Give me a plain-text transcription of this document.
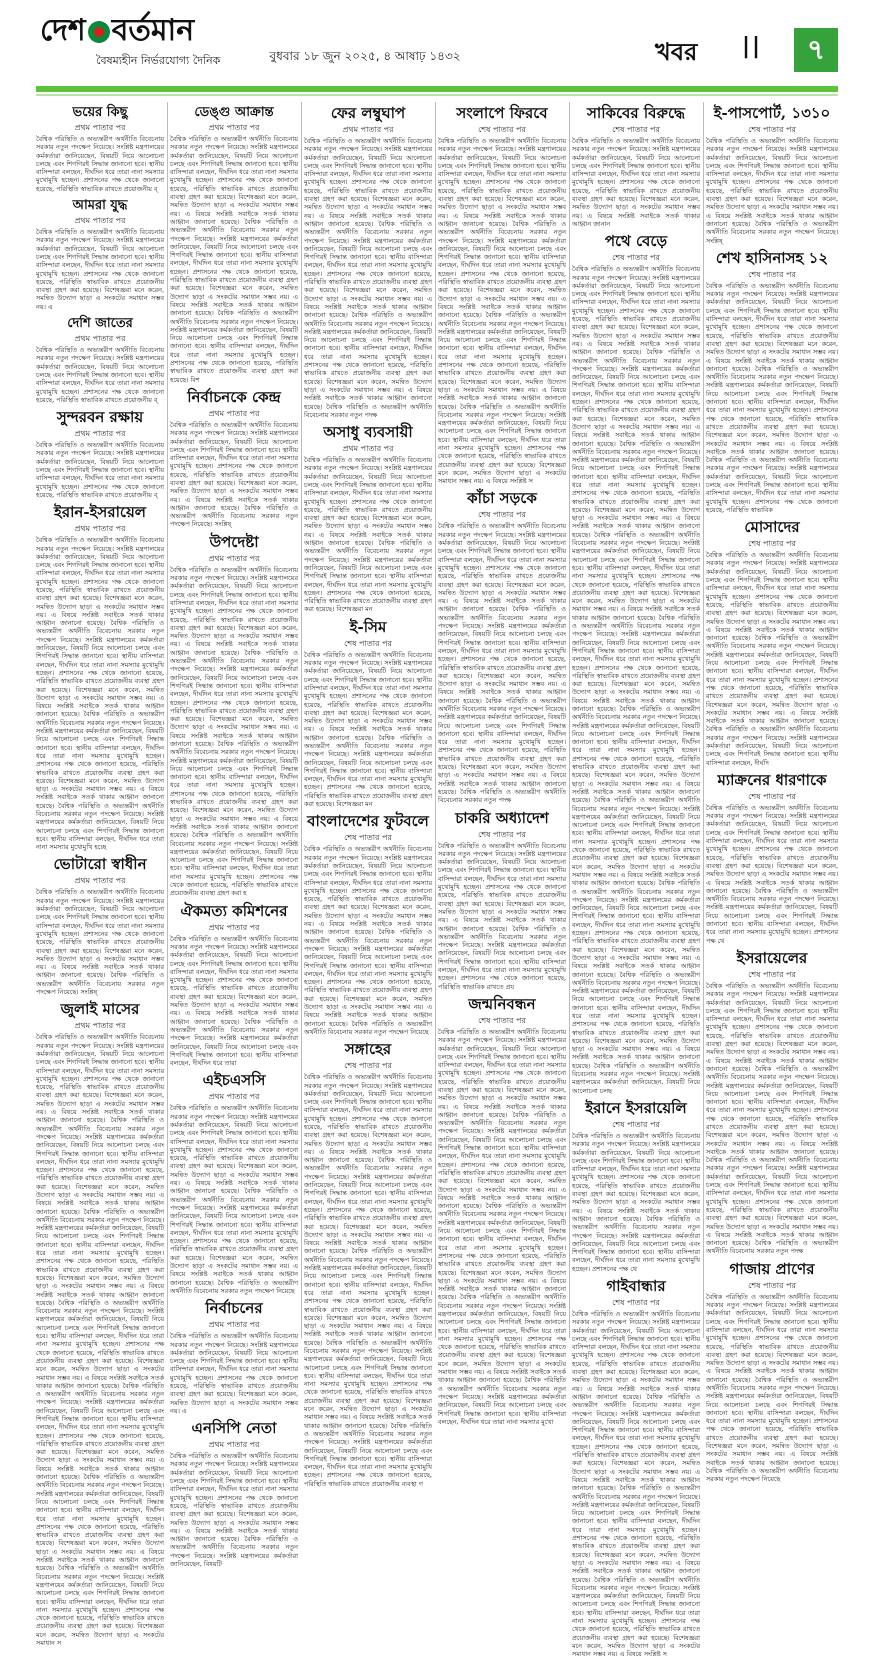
দেশ বর্তমান
বৈষম্যহীন নির্ভরযোগ্য দৈনিক	বুধবার ১৮ জুন ২০২৫, ৪ আষাঢ় ১৪৩২	খবর ||	৭
ভয়ের কিছু
প্রথম পাতার পর

বৈশ্বিক পরিস্থিতি ও অভ্যন্তরীণ অর্থনীতি বিবেচনায় সরকার নতুন পদক্ষেপ নিয়েছে। সংশ্লিষ্ট মন্ত্রণালয়ের কর্মকর্তারা জানিয়েছেন, বিষয়টি নিয়ে আলোচনা চলছে এবং শিগগিরই সিদ্ধান্ত জানানো হবে। স্থানীয় বাসিন্দারা বলছেন, দীর্ঘদিন ধরে তারা নানা সমস্যার মুখোমুখি হচ্ছেন। প্রশাসনের পক্ষ থেকে জানানো হয়েছে, পরিস্থিতি স্বাভাবিক রাখতে প্রয়োজনীয় ব্

আমরা যুদ্ধ
প্রথম পাতার পর

বৈশ্বিক পরিস্থিতি ও অভ্যন্তরীণ অর্থনীতি বিবেচনায় সরকার নতুন পদক্ষেপ নিয়েছে। সংশ্লিষ্ট মন্ত্রণালয়ের কর্মকর্তারা জানিয়েছেন, বিষয়টি নিয়ে আলোচনা চলছে এবং শিগগিরই সিদ্ধান্ত জানানো হবে। স্থানীয় বাসিন্দারা বলছেন, দীর্ঘদিন ধরে তারা নানা সমস্যার মুখোমুখি হচ্ছেন। প্রশাসনের পক্ষ থেকে জানানো হয়েছে, পরিস্থিতি স্বাভাবিক রাখতে প্রয়োজনীয় ব্যবস্থা গ্রহণ করা হয়েছে। বিশেষজ্ঞরা মনে করেন, সমন্বিত উদ্যোগ ছাড়া এ সংকটের সমাধান সম্ভব নয়। এ

দেশি জাতের
প্রথম পাতার পর

বৈশ্বিক পরিস্থিতি ও অভ্যন্তরীণ অর্থনীতি বিবেচনায় সরকার নতুন পদক্ষেপ নিয়েছে। সংশ্লিষ্ট মন্ত্রণালয়ের কর্মকর্তারা জানিয়েছেন, বিষয়টি নিয়ে আলোচনা চলছে এবং শিগগিরই সিদ্ধান্ত জানানো হবে। স্থানীয় বাসিন্দারা বলছেন, দীর্ঘদিন ধরে তারা নানা সমস্যার মুখোমুখি হচ্ছেন। প্রশাসনের পক্ষ থেকে জানানো হয়েছে, পরিস্থিতি স্বাভাবিক রাখতে প্রয়োজনীয় ব্

সুন্দরবন রক্ষায়
প্রথম পাতার পর

বৈশ্বিক পরিস্থিতি ও অভ্যন্তরীণ অর্থনীতি বিবেচনায় সরকার নতুন পদক্ষেপ নিয়েছে। সংশ্লিষ্ট মন্ত্রণালয়ের কর্মকর্তারা জানিয়েছেন, বিষয়টি নিয়ে আলোচনা চলছে এবং শিগগিরই সিদ্ধান্ত জানানো হবে। স্থানীয় বাসিন্দারা বলছেন, দীর্ঘদিন ধরে তারা নানা সমস্যার মুখোমুখি হচ্ছেন। প্রশাসনের পক্ষ থেকে জানানো হয়েছে, পরিস্থিতি স্বাভাবিক রাখতে প্রয়োজনীয় ব্

ইরান-ইসরায়েল
প্রথম পাতার পর

বৈশ্বিক পরিস্থিতি ও অভ্যন্তরীণ অর্থনীতি বিবেচনায় সরকার নতুন পদক্ষেপ নিয়েছে। সংশ্লিষ্ট মন্ত্রণালয়ের কর্মকর্তারা জানিয়েছেন, বিষয়টি নিয়ে আলোচনা চলছে এবং শিগগিরই সিদ্ধান্ত জানানো হবে। স্থানীয় বাসিন্দারা বলছেন, দীর্ঘদিন ধরে তারা নানা সমস্যার মুখোমুখি হচ্ছেন। প্রশাসনের পক্ষ থেকে জানানো হয়েছে, পরিস্থিতি স্বাভাবিক রাখতে প্রয়োজনীয় ব্যবস্থা গ্রহণ করা হয়েছে। বিশেষজ্ঞরা মনে করেন, সমন্বিত উদ্যোগ ছাড়া এ সংকটের সমাধান সম্ভব নয়। এ বিষয়ে সংশ্লিষ্ট সবাইকে সতর্ক থাকার আহ্বান জানানো হয়েছে। বৈশ্বিক পরিস্থিতি ও অভ্যন্তরীণ অর্থনীতি বিবেচনায় সরকার নতুন পদক্ষেপ নিয়েছে। সংশ্লিষ্ট মন্ত্রণালয়ের কর্মকর্তারা জানিয়েছেন, বিষয়টি নিয়ে আলোচনা চলছে এবং শিগগিরই সিদ্ধান্ত জানানো হবে। স্থানীয় বাসিন্দারা বলছেন, দীর্ঘদিন ধরে তারা নানা সমস্যার মুখোমুখি হচ্ছেন। প্রশাসনের পক্ষ থেকে জানানো হয়েছে, পরিস্থিতি স্বাভাবিক রাখতে প্রয়োজনীয় ব্যবস্থা গ্রহণ করা হয়েছে। বিশেষজ্ঞরা মনে করেন, সমন্বিত উদ্যোগ ছাড়া এ সংকটের সমাধান সম্ভব নয়। এ বিষয়ে সংশ্লিষ্ট সবাইকে সতর্ক থাকার আহ্বান জানানো হয়েছে। বৈশ্বিক পরিস্থিতি ও অভ্যন্তরীণ অর্থনীতি বিবেচনায় সরকার নতুন পদক্ষেপ নিয়েছে। সংশ্লিষ্ট মন্ত্রণালয়ের কর্মকর্তারা জানিয়েছেন, বিষয়টি নিয়ে আলোচনা চলছে এবং শিগগিরই সিদ্ধান্ত জানানো হবে। স্থানীয় বাসিন্দারা বলছেন, দীর্ঘদিন ধরে তারা নানা সমস্যার মুখোমুখি হচ্ছেন। প্রশাসনের পক্ষ থেকে জানানো হয়েছে, পরিস্থিতি স্বাভাবিক রাখতে প্রয়োজনীয় ব্যবস্থা গ্রহণ করা হয়েছে। বিশেষজ্ঞরা মনে করেন, সমন্বিত উদ্যোগ ছাড়া এ সংকটের সমাধান সম্ভব নয়। এ বিষয়ে সংশ্লিষ্ট সবাইকে সতর্ক থাকার আহ্বান জানানো হয়েছে। বৈশ্বিক পরিস্থিতি ও অভ্যন্তরীণ অর্থনীতি বিবেচনায় সরকার নতুন পদক্ষেপ নিয়েছে। সংশ্লিষ্ট মন্ত্রণালয়ের কর্মকর্তারা জানিয়েছেন, বিষয়টি নিয়ে আলোচনা চলছে এবং শিগগিরই সিদ্ধান্ত জানানো হবে। স্থানীয় বাসিন্দারা বলছেন, দীর্ঘদিন ধরে তারা নানা সমস্যার মুখোমুখি হচ্ছে

ভোটারো স্বাধীন
প্রথম পাতার পর

বৈশ্বিক পরিস্থিতি ও অভ্যন্তরীণ অর্থনীতি বিবেচনায় সরকার নতুন পদক্ষেপ নিয়েছে। সংশ্লিষ্ট মন্ত্রণালয়ের কর্মকর্তারা জানিয়েছেন, বিষয়টি নিয়ে আলোচনা চলছে এবং শিগগিরই সিদ্ধান্ত জানানো হবে। স্থানীয় বাসিন্দারা বলছেন, দীর্ঘদিন ধরে তারা নানা সমস্যার মুখোমুখি হচ্ছেন। প্রশাসনের পক্ষ থেকে জানানো হয়েছে, পরিস্থিতি স্বাভাবিক রাখতে প্রয়োজনীয় ব্যবস্থা গ্রহণ করা হয়েছে। বিশেষজ্ঞরা মনে করেন, সমন্বিত উদ্যোগ ছাড়া এ সংকটের সমাধান সম্ভব নয়। এ বিষয়ে সংশ্লিষ্ট সবাইকে সতর্ক থাকার আহ্বান জানানো হয়েছে। বৈশ্বিক পরিস্থিতি ও অভ্যন্তরীণ অর্থনীতি বিবেচনায় সরকার নতুন পদক্ষেপ নিয়েছে। সংশ্লিষ্

জুলাই মাসের
প্রথম পাতার পর

বৈশ্বিক পরিস্থিতি ও অভ্যন্তরীণ অর্থনীতি বিবেচনায় সরকার নতুন পদক্ষেপ নিয়েছে। সংশ্লিষ্ট মন্ত্রণালয়ের কর্মকর্তারা জানিয়েছেন, বিষয়টি নিয়ে আলোচনা চলছে এবং শিগগিরই সিদ্ধান্ত জানানো হবে। স্থানীয় বাসিন্দারা বলছেন, দীর্ঘদিন ধরে তারা নানা সমস্যার মুখোমুখি হচ্ছেন। প্রশাসনের পক্ষ থেকে জানানো হয়েছে, পরিস্থিতি স্বাভাবিক রাখতে প্রয়োজনীয় ব্যবস্থা গ্রহণ করা হয়েছে। বিশেষজ্ঞরা মনে করেন, সমন্বিত উদ্যোগ ছাড়া এ সংকটের সমাধান সম্ভব নয়। এ বিষয়ে সংশ্লিষ্ট সবাইকে সতর্ক থাকার আহ্বান জানানো হয়েছে। বৈশ্বিক পরিস্থিতি ও অভ্যন্তরীণ অর্থনীতি বিবেচনায় সরকার নতুন পদক্ষেপ নিয়েছে। সংশ্লিষ্ট মন্ত্রণালয়ের কর্মকর্তারা জানিয়েছেন, বিষয়টি নিয়ে আলোচনা চলছে এবং শিগগিরই সিদ্ধান্ত জানানো হবে। স্থানীয় বাসিন্দারা বলছেন, দীর্ঘদিন ধরে তারা নানা সমস্যার মুখোমুখি হচ্ছেন। প্রশাসনের পক্ষ থেকে জানানো হয়েছে, পরিস্থিতি স্বাভাবিক রাখতে প্রয়োজনীয় ব্যবস্থা গ্রহণ করা হয়েছে। বিশেষজ্ঞরা মনে করেন, সমন্বিত উদ্যোগ ছাড়া এ সংকটের সমাধান সম্ভব নয়। এ বিষয়ে সংশ্লিষ্ট সবাইকে সতর্ক থাকার আহ্বান জানানো হয়েছে। বৈশ্বিক পরিস্থিতি ও অভ্যন্তরীণ অর্থনীতি বিবেচনায় সরকার নতুন পদক্ষেপ নিয়েছে। সংশ্লিষ্ট মন্ত্রণালয়ের কর্মকর্তারা জানিয়েছেন, বিষয়টি নিয়ে আলোচনা চলছে এবং শিগগিরই সিদ্ধান্ত জানানো হবে। স্থানীয় বাসিন্দারা বলছেন, দীর্ঘদিন ধরে তারা নানা সমস্যার মুখোমুখি হচ্ছেন। প্রশাসনের পক্ষ থেকে জানানো হয়েছে, পরিস্থিতি স্বাভাবিক রাখতে প্রয়োজনীয় ব্যবস্থা গ্রহণ করা হয়েছে। বিশেষজ্ঞরা মনে করেন, সমন্বিত উদ্যোগ ছাড়া এ সংকটের সমাধান সম্ভব নয়। এ বিষয়ে সংশ্লিষ্ট সবাইকে সতর্ক থাকার আহ্বান জানানো হয়েছে। বৈশ্বিক পরিস্থিতি ও অভ্যন্তরীণ অর্থনীতি বিবেচনায় সরকার নতুন পদক্ষেপ নিয়েছে। সংশ্লিষ্ট মন্ত্রণালয়ের কর্মকর্তারা জানিয়েছেন, বিষয়টি নিয়ে আলোচনা চলছে এবং শিগগিরই সিদ্ধান্ত জানানো হবে। স্থানীয় বাসিন্দারা বলছেন, দীর্ঘদিন ধরে তারা নানা সমস্যার মুখোমুখি হচ্ছেন। প্রশাসনের পক্ষ থেকে জানানো হয়েছে, পরিস্থিতি স্বাভাবিক রাখতে প্রয়োজনীয় ব্যবস্থা গ্রহণ করা হয়েছে। বিশেষজ্ঞরা মনে করেন, সমন্বিত উদ্যোগ ছাড়া এ সংকটের সমাধান সম্ভব নয়। এ বিষয়ে সংশ্লিষ্ট সবাইকে সতর্ক থাকার আহ্বান জানানো হয়েছে। বৈশ্বিক পরিস্থিতি ও অভ্যন্তরীণ অর্থনীতি বিবেচনায় সরকার নতুন পদক্ষেপ নিয়েছে। সংশ্লিষ্ট মন্ত্রণালয়ের কর্মকর্তারা জানিয়েছেন, বিষয়টি নিয়ে আলোচনা চলছে এবং শিগগিরই সিদ্ধান্ত জানানো হবে। স্থানীয় বাসিন্দারা বলছেন, দীর্ঘদিন ধরে তারা নানা সমস্যার মুখোমুখি হচ্ছেন। প্রশাসনের পক্ষ থেকে জানানো হয়েছে, পরিস্থিতি স্বাভাবিক রাখতে প্রয়োজনীয় ব্যবস্থা গ্রহণ করা হয়েছে। বিশেষজ্ঞরা মনে করেন, সমন্বিত উদ্যোগ ছাড়া এ সংকটের সমাধান সম্ভব নয়। এ বিষয়ে সংশ্লিষ্ট সবাইকে সতর্ক থাকার আহ্বান জানানো হয়েছে। বৈশ্বিক পরিস্থিতি ও অভ্যন্তরীণ অর্থনীতি বিবেচনায় সরকার নতুন পদক্ষেপ নিয়েছে। সংশ্লিষ্ট মন্ত্রণালয়ের কর্মকর্তারা জানিয়েছেন, বিষয়টি নিয়ে আলোচনা চলছে এবং শিগগিরই সিদ্ধান্ত জানানো হবে। স্থানীয় বাসিন্দারা বলছেন, দীর্ঘদিন ধরে তারা নানা সমস্যার মুখোমুখি হচ্ছেন। প্রশাসনের পক্ষ থেকে জানানো হয়েছে, পরিস্থিতি স্বাভাবিক রাখতে প্রয়োজনীয় ব্যবস্থা গ্রহণ করা হয়েছে। বিশেষজ্ঞরা মনে করেন, সমন্বিত উদ্যোগ ছাড়া এ সংকটের সমাধান সম্ভব নয়। এ বিষয়ে সংশ্লিষ্ট সবাইকে সতর্ক থাকার আহ্বান জানানো হয়েছে। বৈশ্বিক পরিস্থিতি ও অভ্যন্তরীণ অর্থনীতি বিবেচনায় সরকার নতুন পদক্ষেপ নিয়েছে। সংশ্লিষ্ট মন্ত্রণালয়ের কর্মকর্তারা জানিয়েছেন, বিষয়টি নিয়ে আলোচনা চলছে এবং শিগগিরই সিদ্ধান্ত জানানো হবে। স্থানীয় বাসিন্দারা বলছেন, দীর্ঘদিন ধরে তারা নানা সমস্যার মুখোমুখি হচ্ছেন। প্রশাসনের পক্ষ থেকে জানানো হয়েছে, পরিস্থিতি স্বাভাবিক রাখতে প্রয়োজনীয় ব্যবস্থা গ্রহণ করা হয়েছে। বিশেষজ্ঞরা মনে করেন, সমন্বিত উদ্যোগ ছাড়া এ সংকটের সমাধান স

ডেঙ্গু আক্রান্ত
প্রথম পাতার পর

বৈশ্বিক পরিস্থিতি ও অভ্যন্তরীণ অর্থনীতি বিবেচনায় সরকার নতুন পদক্ষেপ নিয়েছে। সংশ্লিষ্ট মন্ত্রণালয়ের কর্মকর্তারা জানিয়েছেন, বিষয়টি নিয়ে আলোচনা চলছে এবং শিগগিরই সিদ্ধান্ত জানানো হবে। স্থানীয় বাসিন্দারা বলছেন, দীর্ঘদিন ধরে তারা নানা সমস্যার মুখোমুখি হচ্ছেন। প্রশাসনের পক্ষ থেকে জানানো হয়েছে, পরিস্থিতি স্বাভাবিক রাখতে প্রয়োজনীয় ব্যবস্থা গ্রহণ করা হয়েছে। বিশেষজ্ঞরা মনে করেন, সমন্বিত উদ্যোগ ছাড়া এ সংকটের সমাধান সম্ভব নয়। এ বিষয়ে সংশ্লিষ্ট সবাইকে সতর্ক থাকার আহ্বান জানানো হয়েছে। বৈশ্বিক পরিস্থিতি ও অভ্যন্তরীণ অর্থনীতি বিবেচনায় সরকার নতুন পদক্ষেপ নিয়েছে। সংশ্লিষ্ট মন্ত্রণালয়ের কর্মকর্তারা জানিয়েছেন, বিষয়টি নিয়ে আলোচনা চলছে এবং শিগগিরই সিদ্ধান্ত জানানো হবে। স্থানীয় বাসিন্দারা বলছেন, দীর্ঘদিন ধরে তারা নানা সমস্যার মুখোমুখি হচ্ছেন। প্রশাসনের পক্ষ থেকে জানানো হয়েছে, পরিস্থিতি স্বাভাবিক রাখতে প্রয়োজনীয় ব্যবস্থা গ্রহণ করা হয়েছে। বিশেষজ্ঞরা মনে করেন, সমন্বিত উদ্যোগ ছাড়া এ সংকটের সমাধান সম্ভব নয়। এ বিষয়ে সংশ্লিষ্ট সবাইকে সতর্ক থাকার আহ্বান জানানো হয়েছে। বৈশ্বিক পরিস্থিতি ও অভ্যন্তরীণ অর্থনীতি বিবেচনায় সরকার নতুন পদক্ষেপ নিয়েছে। সংশ্লিষ্ট মন্ত্রণালয়ের কর্মকর্তারা জানিয়েছেন, বিষয়টি নিয়ে আলোচনা চলছে এবং শিগগিরই সিদ্ধান্ত জানানো হবে। স্থানীয় বাসিন্দারা বলছেন, দীর্ঘদিন ধরে তারা নানা সমস্যার মুখোমুখি হচ্ছেন। প্রশাসনের পক্ষ থেকে জানানো হয়েছে, পরিস্থিতি স্বাভাবিক রাখতে প্রয়োজনীয় ব্যবস্থা গ্রহণ করা হয়েছে। বিশ

নির্বাচনকে কেন্দ্র
প্রথম পাতার পর

বৈশ্বিক পরিস্থিতি ও অভ্যন্তরীণ অর্থনীতি বিবেচনায় সরকার নতুন পদক্ষেপ নিয়েছে। সংশ্লিষ্ট মন্ত্রণালয়ের কর্মকর্তারা জানিয়েছেন, বিষয়টি নিয়ে আলোচনা চলছে এবং শিগগিরই সিদ্ধান্ত জানানো হবে। স্থানীয় বাসিন্দারা বলছেন, দীর্ঘদিন ধরে তারা নানা সমস্যার মুখোমুখি হচ্ছেন। প্রশাসনের পক্ষ থেকে জানানো হয়েছে, পরিস্থিতি স্বাভাবিক রাখতে প্রয়োজনীয় ব্যবস্থা গ্রহণ করা হয়েছে। বিশেষজ্ঞরা মনে করেন, সমন্বিত উদ্যোগ ছাড়া এ সংকটের সমাধান সম্ভব নয়। এ বিষয়ে সংশ্লিষ্ট সবাইকে সতর্ক থাকার আহ্বান জানানো হয়েছে। বৈশ্বিক পরিস্থিতি ও অভ্যন্তরীণ অর্থনীতি বিবেচনায় সরকার নতুন পদক্ষেপ নিয়েছে। সংশ্লিষ্

উপদেষ্টা
প্রথম পাতার পর

বৈশ্বিক পরিস্থিতি ও অভ্যন্তরীণ অর্থনীতি বিবেচনায় সরকার নতুন পদক্ষেপ নিয়েছে। সংশ্লিষ্ট মন্ত্রণালয়ের কর্মকর্তারা জানিয়েছেন, বিষয়টি নিয়ে আলোচনা চলছে এবং শিগগিরই সিদ্ধান্ত জানানো হবে। স্থানীয় বাসিন্দারা বলছেন, দীর্ঘদিন ধরে তারা নানা সমস্যার মুখোমুখি হচ্ছেন। প্রশাসনের পক্ষ থেকে জানানো হয়েছে, পরিস্থিতি স্বাভাবিক রাখতে প্রয়োজনীয় ব্যবস্থা গ্রহণ করা হয়েছে। বিশেষজ্ঞরা মনে করেন, সমন্বিত উদ্যোগ ছাড়া এ সংকটের সমাধান সম্ভব নয়। এ বিষয়ে সংশ্লিষ্ট সবাইকে সতর্ক থাকার আহ্বান জানানো হয়েছে। বৈশ্বিক পরিস্থিতি ও অভ্যন্তরীণ অর্থনীতি বিবেচনায় সরকার নতুন পদক্ষেপ নিয়েছে। সংশ্লিষ্ট মন্ত্রণালয়ের কর্মকর্তারা জানিয়েছেন, বিষয়টি নিয়ে আলোচনা চলছে এবং শিগগিরই সিদ্ধান্ত জানানো হবে। স্থানীয় বাসিন্দারা বলছেন, দীর্ঘদিন ধরে তারা নানা সমস্যার মুখোমুখি হচ্ছেন। প্রশাসনের পক্ষ থেকে জানানো হয়েছে, পরিস্থিতি স্বাভাবিক রাখতে প্রয়োজনীয় ব্যবস্থা গ্রহণ করা হয়েছে। বিশেষজ্ঞরা মনে করেন, সমন্বিত উদ্যোগ ছাড়া এ সংকটের সমাধান সম্ভব নয়। এ বিষয়ে সংশ্লিষ্ট সবাইকে সতর্ক থাকার আহ্বান জানানো হয়েছে। বৈশ্বিক পরিস্থিতি ও অভ্যন্তরীণ অর্থনীতি বিবেচনায় সরকার নতুন পদক্ষেপ নিয়েছে। সংশ্লিষ্ট মন্ত্রণালয়ের কর্মকর্তারা জানিয়েছেন, বিষয়টি নিয়ে আলোচনা চলছে এবং শিগগিরই সিদ্ধান্ত জানানো হবে। স্থানীয় বাসিন্দারা বলছেন, দীর্ঘদিন ধরে তারা নানা সমস্যার মুখোমুখি হচ্ছেন। প্রশাসনের পক্ষ থেকে জানানো হয়েছে, পরিস্থিতি স্বাভাবিক রাখতে প্রয়োজনীয় ব্যবস্থা গ্রহণ করা হয়েছে। বিশেষজ্ঞরা মনে করেন, সমন্বিত উদ্যোগ ছাড়া এ সংকটের সমাধান সম্ভব নয়। এ বিষয়ে সংশ্লিষ্ট সবাইকে সতর্ক থাকার আহ্বান জানানো হয়েছে। বৈশ্বিক পরিস্থিতি ও অভ্যন্তরীণ অর্থনীতি বিবেচনায় সরকার নতুন পদক্ষেপ নিয়েছে। সংশ্লিষ্ট মন্ত্রণালয়ের কর্মকর্তারা জানিয়েছেন, বিষয়টি নিয়ে আলোচনা চলছে এবং শিগগিরই সিদ্ধান্ত জানানো হবে। স্থানীয় বাসিন্দারা বলছেন, দীর্ঘদিন ধরে তারা নানা সমস্যার মুখোমুখি হচ্ছেন। প্রশাসনের পক্ষ থেকে জানানো হয়েছে, পরিস্থিতি স্বাভাবিক রাখতে প্রয়োজনীয় ব্যবস্থা গ্রহণ করা হ

ঐকমত্য কমিশনের
প্রথম পাতার পর

বৈশ্বিক পরিস্থিতি ও অভ্যন্তরীণ অর্থনীতি বিবেচনায় সরকার নতুন পদক্ষেপ নিয়েছে। সংশ্লিষ্ট মন্ত্রণালয়ের কর্মকর্তারা জানিয়েছেন, বিষয়টি নিয়ে আলোচনা চলছে এবং শিগগিরই সিদ্ধান্ত জানানো হবে। স্থানীয় বাসিন্দারা বলছেন, দীর্ঘদিন ধরে তারা নানা সমস্যার মুখোমুখি হচ্ছেন। প্রশাসনের পক্ষ থেকে জানানো হয়েছে, পরিস্থিতি স্বাভাবিক রাখতে প্রয়োজনীয় ব্যবস্থা গ্রহণ করা হয়েছে। বিশেষজ্ঞরা মনে করেন, সমন্বিত উদ্যোগ ছাড়া এ সংকটের সমাধান সম্ভব নয়। এ বিষয়ে সংশ্লিষ্ট সবাইকে সতর্ক থাকার আহ্বান জানানো হয়েছে। বৈশ্বিক পরিস্থিতি ও অভ্যন্তরীণ অর্থনীতি বিবেচনায় সরকার নতুন পদক্ষেপ নিয়েছে। সংশ্লিষ্ট মন্ত্রণালয়ের কর্মকর্তারা জানিয়েছেন, বিষয়টি নিয়ে আলোচনা চলছে এবং শিগগিরই সিদ্ধান্ত জানানো হবে। স্থানীয় বাসিন্দারা বলছেন, দীর্ঘদিন ধরে তারা

এইচএসসি
প্রথম পাতার পর

বৈশ্বিক পরিস্থিতি ও অভ্যন্তরীণ অর্থনীতি বিবেচনায় সরকার নতুন পদক্ষেপ নিয়েছে। সংশ্লিষ্ট মন্ত্রণালয়ের কর্মকর্তারা জানিয়েছেন, বিষয়টি নিয়ে আলোচনা চলছে এবং শিগগিরই সিদ্ধান্ত জানানো হবে। স্থানীয় বাসিন্দারা বলছেন, দীর্ঘদিন ধরে তারা নানা সমস্যার মুখোমুখি হচ্ছেন। প্রশাসনের পক্ষ থেকে জানানো হয়েছে, পরিস্থিতি স্বাভাবিক রাখতে প্রয়োজনীয় ব্যবস্থা গ্রহণ করা হয়েছে। বিশেষজ্ঞরা মনে করেন, সমন্বিত উদ্যোগ ছাড়া এ সংকটের সমাধান সম্ভব নয়। এ বিষয়ে সংশ্লিষ্ট সবাইকে সতর্ক থাকার আহ্বান জানানো হয়েছে। বৈশ্বিক পরিস্থিতি ও অভ্যন্তরীণ অর্থনীতি বিবেচনায় সরকার নতুন পদক্ষেপ নিয়েছে। সংশ্লিষ্ট মন্ত্রণালয়ের কর্মকর্তারা জানিয়েছেন, বিষয়টি নিয়ে আলোচনা চলছে এবং শিগগিরই সিদ্ধান্ত জানানো হবে। স্থানীয় বাসিন্দারা বলছেন, দীর্ঘদিন ধরে তারা নানা সমস্যার মুখোমুখি হচ্ছেন। প্রশাসনের পক্ষ থেকে জানানো হয়েছে, পরিস্থিতি স্বাভাবিক রাখতে প্রয়োজনীয় ব্যবস্থা গ্রহণ করা হয়েছে। বিশেষজ্ঞরা মনে করেন, সমন্বিত উদ্যোগ ছাড়া এ সংকটের সমাধান সম্ভব নয়। এ বিষয়ে সংশ্লিষ্ট সবাইকে সতর্ক থাকার আহ্বান জানানো হয়েছে। বৈশ্বিক পরিস্থিতি ও অভ্যন্তরীণ অর্থনীতি বিবেচনায় সরকার নতুন পদক্ষেপ নিয়েছে

নির্বাচনের
প্রথম পাতার পর

বৈশ্বিক পরিস্থিতি ও অভ্যন্তরীণ অর্থনীতি বিবেচনায় সরকার নতুন পদক্ষেপ নিয়েছে। সংশ্লিষ্ট মন্ত্রণালয়ের কর্মকর্তারা জানিয়েছেন, বিষয়টি নিয়ে আলোচনা চলছে এবং শিগগিরই সিদ্ধান্ত জানানো হবে। স্থানীয় বাসিন্দারা বলছেন, দীর্ঘদিন ধরে তারা নানা সমস্যার মুখোমুখি হচ্ছেন। প্রশাসনের পক্ষ থেকে জানানো হয়েছে, পরিস্থিতি স্বাভাবিক রাখতে প্রয়োজনীয় ব্যবস্থা গ্রহণ করা হয়েছে। বিশেষজ্ঞরা মনে করেন, সমন্বিত উদ্যোগ ছাড়া এ সংকটের সমাধান সম্ভব নয়। এ

এনসিপি নেতা
প্রথম পাতার পর

বৈশ্বিক পরিস্থিতি ও অভ্যন্তরীণ অর্থনীতি বিবেচনায় সরকার নতুন পদক্ষেপ নিয়েছে। সংশ্লিষ্ট মন্ত্রণালয়ের কর্মকর্তারা জানিয়েছেন, বিষয়টি নিয়ে আলোচনা চলছে এবং শিগগিরই সিদ্ধান্ত জানানো হবে। স্থানীয় বাসিন্দারা বলছেন, দীর্ঘদিন ধরে তারা নানা সমস্যার মুখোমুখি হচ্ছেন। প্রশাসনের পক্ষ থেকে জানানো হয়েছে, পরিস্থিতি স্বাভাবিক রাখতে প্রয়োজনীয় ব্যবস্থা গ্রহণ করা হয়েছে। বিশেষজ্ঞরা মনে করেন, সমন্বিত উদ্যোগ ছাড়া এ সংকটের সমাধান সম্ভব নয়। এ বিষয়ে সংশ্লিষ্ট সবাইকে সতর্ক থাকার আহ্বান জানানো হয়েছে। বৈশ্বিক পরিস্থিতি ও অভ্যন্তরীণ অর্থনীতি বিবেচনায় সরকার নতুন পদক্ষেপ নিয়েছে। সংশ্লিষ্ট মন্ত্রণালয়ের কর্মকর্তারা জানিয়েছেন, বিষয়টি

ফের লম্বুঘাপ
প্রথম পাতার পর

বৈশ্বিক পরিস্থিতি ও অভ্যন্তরীণ অর্থনীতি বিবেচনায় সরকার নতুন পদক্ষেপ নিয়েছে। সংশ্লিষ্ট মন্ত্রণালয়ের কর্মকর্তারা জানিয়েছেন, বিষয়টি নিয়ে আলোচনা চলছে এবং শিগগিরই সিদ্ধান্ত জানানো হবে। স্থানীয় বাসিন্দারা বলছেন, দীর্ঘদিন ধরে তারা নানা সমস্যার মুখোমুখি হচ্ছেন। প্রশাসনের পক্ষ থেকে জানানো হয়েছে, পরিস্থিতি স্বাভাবিক রাখতে প্রয়োজনীয় ব্যবস্থা গ্রহণ করা হয়েছে। বিশেষজ্ঞরা মনে করেন, সমন্বিত উদ্যোগ ছাড়া এ সংকটের সমাধান সম্ভব নয়। এ বিষয়ে সংশ্লিষ্ট সবাইকে সতর্ক থাকার আহ্বান জানানো হয়েছে। বৈশ্বিক পরিস্থিতি ও অভ্যন্তরীণ অর্থনীতি বিবেচনায় সরকার নতুন পদক্ষেপ নিয়েছে। সংশ্লিষ্ট মন্ত্রণালয়ের কর্মকর্তারা জানিয়েছেন, বিষয়টি নিয়ে আলোচনা চলছে এবং শিগগিরই সিদ্ধান্ত জানানো হবে। স্থানীয় বাসিন্দারা বলছেন, দীর্ঘদিন ধরে তারা নানা সমস্যার মুখোমুখি হচ্ছেন। প্রশাসনের পক্ষ থেকে জানানো হয়েছে, পরিস্থিতি স্বাভাবিক রাখতে প্রয়োজনীয় ব্যবস্থা গ্রহণ করা হয়েছে। বিশেষজ্ঞরা মনে করেন, সমন্বিত উদ্যোগ ছাড়া এ সংকটের সমাধান সম্ভব নয়। এ বিষয়ে সংশ্লিষ্ট সবাইকে সতর্ক থাকার আহ্বান জানানো হয়েছে। বৈশ্বিক পরিস্থিতি ও অভ্যন্তরীণ অর্থনীতি বিবেচনায় সরকার নতুন পদক্ষেপ নিয়েছে। সংশ্লিষ্ট মন্ত্রণালয়ের কর্মকর্তারা জানিয়েছেন, বিষয়টি নিয়ে আলোচনা চলছে এবং শিগগিরই সিদ্ধান্ত জানানো হবে। স্থানীয় বাসিন্দারা বলছেন, দীর্ঘদিন ধরে তারা নানা সমস্যার মুখোমুখি হচ্ছেন। প্রশাসনের পক্ষ থেকে জানানো হয়েছে, পরিস্থিতি স্বাভাবিক রাখতে প্রয়োজনীয় ব্যবস্থা গ্রহণ করা হয়েছে। বিশেষজ্ঞরা মনে করেন, সমন্বিত উদ্যোগ ছাড়া এ সংকটের সমাধান সম্ভব নয়। এ বিষয়ে সংশ্লিষ্ট সবাইকে সতর্ক থাকার আহ্বান জানানো হয়েছে। বৈশ্বিক পরিস্থিতি ও অভ্যন্তরীণ অর্থনীতি বিবেচনায় সরকার নতুন পদক্ষ

অসাধু ব্যবসায়ী
প্রথম পাতার পর

বৈশ্বিক পরিস্থিতি ও অভ্যন্তরীণ অর্থনীতি বিবেচনায় সরকার নতুন পদক্ষেপ নিয়েছে। সংশ্লিষ্ট মন্ত্রণালয়ের কর্মকর্তারা জানিয়েছেন, বিষয়টি নিয়ে আলোচনা চলছে এবং শিগগিরই সিদ্ধান্ত জানানো হবে। স্থানীয় বাসিন্দারা বলছেন, দীর্ঘদিন ধরে তারা নানা সমস্যার মুখোমুখি হচ্ছেন। প্রশাসনের পক্ষ থেকে জানানো হয়েছে, পরিস্থিতি স্বাভাবিক রাখতে প্রয়োজনীয় ব্যবস্থা গ্রহণ করা হয়েছে। বিশেষজ্ঞরা মনে করেন, সমন্বিত উদ্যোগ ছাড়া এ সংকটের সমাধান সম্ভব নয়। এ বিষয়ে সংশ্লিষ্ট সবাইকে সতর্ক থাকার আহ্বান জানানো হয়েছে। বৈশ্বিক পরিস্থিতি ও অভ্যন্তরীণ অর্থনীতি বিবেচনায় সরকার নতুন পদক্ষেপ নিয়েছে। সংশ্লিষ্ট মন্ত্রণালয়ের কর্মকর্তারা জানিয়েছেন, বিষয়টি নিয়ে আলোচনা চলছে এবং শিগগিরই সিদ্ধান্ত জানানো হবে। স্থানীয় বাসিন্দারা বলছেন, দীর্ঘদিন ধরে তারা নানা সমস্যার মুখোমুখি হচ্ছেন। প্রশাসনের পক্ষ থেকে জানানো হয়েছে, পরিস্থিতি স্বাভাবিক রাখতে প্রয়োজনীয় ব্যবস্থা গ্রহণ করা হয়েছে। বিশেষজ্ঞরা মন

ই-সিম
শেষ পাতার পর

বৈশ্বিক পরিস্থিতি ও অভ্যন্তরীণ অর্থনীতি বিবেচনায় সরকার নতুন পদক্ষেপ নিয়েছে। সংশ্লিষ্ট মন্ত্রণালয়ের কর্মকর্তারা জানিয়েছেন, বিষয়টি নিয়ে আলোচনা চলছে এবং শিগগিরই সিদ্ধান্ত জানানো হবে। স্থানীয় বাসিন্দারা বলছেন, দীর্ঘদিন ধরে তারা নানা সমস্যার মুখোমুখি হচ্ছেন। প্রশাসনের পক্ষ থেকে জানানো হয়েছে, পরিস্থিতি স্বাভাবিক রাখতে প্রয়োজনীয় ব্যবস্থা গ্রহণ করা হয়েছে। বিশেষজ্ঞরা মনে করেন, সমন্বিত উদ্যোগ ছাড়া এ সংকটের সমাধান সম্ভব নয়। এ বিষয়ে সংশ্লিষ্ট সবাইকে সতর্ক থাকার আহ্বান জানানো হয়েছে। বৈশ্বিক পরিস্থিতি ও অভ্যন্তরীণ অর্থনীতি বিবেচনায় সরকার নতুন পদক্ষেপ নিয়েছে। সংশ্লিষ্ট মন্ত্রণালয়ের কর্মকর্তারা জানিয়েছেন, বিষয়টি নিয়ে আলোচনা চলছে এবং শিগগিরই সিদ্ধান্ত জানানো হবে। স্থানীয় বাসিন্দারা বলছেন, দীর্ঘদিন ধরে তারা নানা সমস্যার মুখোমুখি হচ্ছেন। প্রশাসনের পক্ষ থেকে জানানো হয়েছে, পরিস্থিতি স্বাভাবিক রাখতে প্রয়োজনীয় ব্যবস্থা গ্রহণ করা হয়েছে। বিশেষজ্ঞরা মন

বাংলাদেশের ফুটবলে
শেষ পাতার পর

বৈশ্বিক পরিস্থিতি ও অভ্যন্তরীণ অর্থনীতি বিবেচনায় সরকার নতুন পদক্ষেপ নিয়েছে। সংশ্লিষ্ট মন্ত্রণালয়ের কর্মকর্তারা জানিয়েছেন, বিষয়টি নিয়ে আলোচনা চলছে এবং শিগগিরই সিদ্ধান্ত জানানো হবে। স্থানীয় বাসিন্দারা বলছেন, দীর্ঘদিন ধরে তারা নানা সমস্যার মুখোমুখি হচ্ছেন। প্রশাসনের পক্ষ থেকে জানানো হয়েছে, পরিস্থিতি স্বাভাবিক রাখতে প্রয়োজনীয় ব্যবস্থা গ্রহণ করা হয়েছে। বিশেষজ্ঞরা মনে করেন, সমন্বিত উদ্যোগ ছাড়া এ সংকটের সমাধান সম্ভব নয়। এ বিষয়ে সংশ্লিষ্ট সবাইকে সতর্ক থাকার আহ্বান জানানো হয়েছে। বৈশ্বিক পরিস্থিতি ও অভ্যন্তরীণ অর্থনীতি বিবেচনায় সরকার নতুন পদক্ষেপ নিয়েছে। সংশ্লিষ্ট মন্ত্রণালয়ের কর্মকর্তারা জানিয়েছেন, বিষয়টি নিয়ে আলোচনা চলছে এবং শিগগিরই সিদ্ধান্ত জানানো হবে। স্থানীয় বাসিন্দারা বলছেন, দীর্ঘদিন ধরে তারা নানা সমস্যার মুখোমুখি হচ্ছেন। প্রশাসনের পক্ষ থেকে জানানো হয়েছে, পরিস্থিতি স্বাভাবিক রাখতে প্রয়োজনীয় ব্যবস্থা গ্রহণ করা হয়েছে। বিশেষজ্ঞরা মনে করেন, সমন্বিত উদ্যোগ ছাড়া এ সংকটের সমাধান সম্ভব নয়। এ বিষয়ে সংশ্লিষ্ট সবাইকে সতর্ক থাকার আহ্বান জানানো হয়েছে। বৈশ্বিক পরিস্থিতি ও অভ্যন্তরীণ অর্থনীতি বিবেচনায় সরকার নতুন পদক্ষেপ নিয়েছে

সঙ্গাহের
শেষ পাতার পর

বৈশ্বিক পরিস্থিতি ও অভ্যন্তরীণ অর্থনীতি বিবেচনায় সরকার নতুন পদক্ষেপ নিয়েছে। সংশ্লিষ্ট মন্ত্রণালয়ের কর্মকর্তারা জানিয়েছেন, বিষয়টি নিয়ে আলোচনা চলছে এবং শিগগিরই সিদ্ধান্ত জানানো হবে। স্থানীয় বাসিন্দারা বলছেন, দীর্ঘদিন ধরে তারা নানা সমস্যার মুখোমুখি হচ্ছেন। প্রশাসনের পক্ষ থেকে জানানো হয়েছে, পরিস্থিতি স্বাভাবিক রাখতে প্রয়োজনীয় ব্যবস্থা গ্রহণ করা হয়েছে। বিশেষজ্ঞরা মনে করেন, সমন্বিত উদ্যোগ ছাড়া এ সংকটের সমাধান সম্ভব নয়। এ বিষয়ে সংশ্লিষ্ট সবাইকে সতর্ক থাকার আহ্বান জানানো হয়েছে। বৈশ্বিক পরিস্থিতি ও অভ্যন্তরীণ অর্থনীতি বিবেচনায় সরকার নতুন পদক্ষেপ নিয়েছে। সংশ্লিষ্ট মন্ত্রণালয়ের কর্মকর্তারা জানিয়েছেন, বিষয়টি নিয়ে আলোচনা চলছে এবং শিগগিরই সিদ্ধান্ত জানানো হবে। স্থানীয় বাসিন্দারা বলছেন, দীর্ঘদিন ধরে তারা নানা সমস্যার মুখোমুখি হচ্ছেন। প্রশাসনের পক্ষ থেকে জানানো হয়েছে, পরিস্থিতি স্বাভাবিক রাখতে প্রয়োজনীয় ব্যবস্থা গ্রহণ করা হয়েছে। বিশেষজ্ঞরা মনে করেন, সমন্বিত উদ্যোগ ছাড়া এ সংকটের সমাধান সম্ভব নয়। এ বিষয়ে সংশ্লিষ্ট সবাইকে সতর্ক থাকার আহ্বান জানানো হয়েছে। বৈশ্বিক পরিস্থিতি ও অভ্যন্তরীণ অর্থনীতি বিবেচনায় সরকার নতুন পদক্ষেপ নিয়েছে। সংশ্লিষ্ট মন্ত্রণালয়ের কর্মকর্তারা জানিয়েছেন, বিষয়টি নিয়ে আলোচনা চলছে এবং শিগগিরই সিদ্ধান্ত জানানো হবে। স্থানীয় বাসিন্দারা বলছেন, দীর্ঘদিন ধরে তারা নানা সমস্যার মুখোমুখি হচ্ছেন। প্রশাসনের পক্ষ থেকে জানানো হয়েছে, পরিস্থিতি স্বাভাবিক রাখতে প্রয়োজনীয় ব্যবস্থা গ্রহণ করা হয়েছে। বিশেষজ্ঞরা মনে করেন, সমন্বিত উদ্যোগ ছাড়া এ সংকটের সমাধান সম্ভব নয়। এ বিষয়ে সংশ্লিষ্ট সবাইকে সতর্ক থাকার আহ্বান জানানো হয়েছে। বৈশ্বিক পরিস্থিতি ও অভ্যন্তরীণ অর্থনীতি বিবেচনায় সরকার নতুন পদক্ষেপ নিয়েছে। সংশ্লিষ্ট মন্ত্রণালয়ের কর্মকর্তারা জানিয়েছেন, বিষয়টি নিয়ে আলোচনা চলছে এবং শিগগিরই সিদ্ধান্ত জানানো হবে। স্থানীয় বাসিন্দারা বলছেন, দীর্ঘদিন ধরে তারা নানা সমস্যার মুখোমুখি হচ্ছেন। প্রশাসনের পক্ষ থেকে জানানো হয়েছে, পরিস্থিতি স্বাভাবিক রাখতে প্রয়োজনীয় ব্যবস্থা গ্রহণ করা হয়েছে। বিশেষজ্ঞরা মনে করেন, সমন্বিত উদ্যোগ ছাড়া এ সংকটের সমাধান সম্ভব নয়। এ বিষয়ে সংশ্লিষ্ট সবাইকে সতর্ক থাকার আহ্বান জানানো হয়েছে। বৈশ্বিক পরিস্থিতি ও অভ্যন্তরীণ অর্থনীতি বিবেচনায় সরকার নতুন পদক্ষেপ নিয়েছে। সংশ্লিষ্ট মন্ত্রণালয়ের কর্মকর্তারা জানিয়েছেন, বিষয়টি নিয়ে আলোচনা চলছে এবং শিগগিরই সিদ্ধান্ত জানানো হবে। স্থানীয় বাসিন্দারা বলছেন, দীর্ঘদিন ধরে তারা নানা সমস্যার মুখোমুখি হচ্ছেন। প্রশাসনের পক্ষ থেকে জানানো হয়েছে, পরিস্থিতি স্বাভাবিক রাখতে প্রয়োজনীয় ব্যবস্থা গ

সংলাপে ফিরবে
শেষ পাতার পর

বৈশ্বিক পরিস্থিতি ও অভ্যন্তরীণ অর্থনীতি বিবেচনায় সরকার নতুন পদক্ষেপ নিয়েছে। সংশ্লিষ্ট মন্ত্রণালয়ের কর্মকর্তারা জানিয়েছেন, বিষয়টি নিয়ে আলোচনা চলছে এবং শিগগিরই সিদ্ধান্ত জানানো হবে। স্থানীয় বাসিন্দারা বলছেন, দীর্ঘদিন ধরে তারা নানা সমস্যার মুখোমুখি হচ্ছেন। প্রশাসনের পক্ষ থেকে জানানো হয়েছে, পরিস্থিতি স্বাভাবিক রাখতে প্রয়োজনীয় ব্যবস্থা গ্রহণ করা হয়েছে। বিশেষজ্ঞরা মনে করেন, সমন্বিত উদ্যোগ ছাড়া এ সংকটের সমাধান সম্ভব নয়। এ বিষয়ে সংশ্লিষ্ট সবাইকে সতর্ক থাকার আহ্বান জানানো হয়েছে। বৈশ্বিক পরিস্থিতি ও অভ্যন্তরীণ অর্থনীতি বিবেচনায় সরকার নতুন পদক্ষেপ নিয়েছে। সংশ্লিষ্ট মন্ত্রণালয়ের কর্মকর্তারা জানিয়েছেন, বিষয়টি নিয়ে আলোচনা চলছে এবং শিগগিরই সিদ্ধান্ত জানানো হবে। স্থানীয় বাসিন্দারা বলছেন, দীর্ঘদিন ধরে তারা নানা সমস্যার মুখোমুখি হচ্ছেন। প্রশাসনের পক্ষ থেকে জানানো হয়েছে, পরিস্থিতি স্বাভাবিক রাখতে প্রয়োজনীয় ব্যবস্থা গ্রহণ করা হয়েছে। বিশেষজ্ঞরা মনে করেন, সমন্বিত উদ্যোগ ছাড়া এ সংকটের সমাধান সম্ভব নয়। এ বিষয়ে সংশ্লিষ্ট সবাইকে সতর্ক থাকার আহ্বান জানানো হয়েছে। বৈশ্বিক পরিস্থিতি ও অভ্যন্তরীণ অর্থনীতি বিবেচনায় সরকার নতুন পদক্ষেপ নিয়েছে। সংশ্লিষ্ট মন্ত্রণালয়ের কর্মকর্তারা জানিয়েছেন, বিষয়টি নিয়ে আলোচনা চলছে এবং শিগগিরই সিদ্ধান্ত জানানো হবে। স্থানীয় বাসিন্দারা বলছেন, দীর্ঘদিন ধরে তারা নানা সমস্যার মুখোমুখি হচ্ছেন। প্রশাসনের পক্ষ থেকে জানানো হয়েছে, পরিস্থিতি স্বাভাবিক রাখতে প্রয়োজনীয় ব্যবস্থা গ্রহণ করা হয়েছে। বিশেষজ্ঞরা মনে করেন, সমন্বিত উদ্যোগ ছাড়া এ সংকটের সমাধান সম্ভব নয়। এ বিষয়ে সংশ্লিষ্ট সবাইকে সতর্ক থাকার আহ্বান জানানো হয়েছে। বৈশ্বিক পরিস্থিতি ও অভ্যন্তরীণ অর্থনীতি বিবেচনায় সরকার নতুন পদক্ষেপ নিয়েছে। সংশ্লিষ্ট মন্ত্রণালয়ের কর্মকর্তারা জানিয়েছেন, বিষয়টি নিয়ে আলোচনা চলছে এবং শিগগিরই সিদ্ধান্ত জানানো হবে। স্থানীয় বাসিন্দারা বলছেন, দীর্ঘদিন ধরে তারা নানা সমস্যার মুখোমুখি হচ্ছেন। প্রশাসনের পক্ষ থেকে জানানো হয়েছে, পরিস্থিতি স্বাভাবিক রাখতে প্রয়োজনীয় ব্যবস্থা গ্রহণ করা হয়েছে। বিশেষজ্ঞরা মনে করেন, সমন্বিত উদ্যোগ ছাড়া এ সংকটের সমাধান সম্ভব নয়। এ বিষয়ে সংশ্লিষ্ট স

কাঁচা সড়কে
শেষ পাতার পর

বৈশ্বিক পরিস্থিতি ও অভ্যন্তরীণ অর্থনীতি বিবেচনায় সরকার নতুন পদক্ষেপ নিয়েছে। সংশ্লিষ্ট মন্ত্রণালয়ের কর্মকর্তারা জানিয়েছেন, বিষয়টি নিয়ে আলোচনা চলছে এবং শিগগিরই সিদ্ধান্ত জানানো হবে। স্থানীয় বাসিন্দারা বলছেন, দীর্ঘদিন ধরে তারা নানা সমস্যার মুখোমুখি হচ্ছেন। প্রশাসনের পক্ষ থেকে জানানো হয়েছে, পরিস্থিতি স্বাভাবিক রাখতে প্রয়োজনীয় ব্যবস্থা গ্রহণ করা হয়েছে। বিশেষজ্ঞরা মনে করেন, সমন্বিত উদ্যোগ ছাড়া এ সংকটের সমাধান সম্ভব নয়। এ বিষয়ে সংশ্লিষ্ট সবাইকে সতর্ক থাকার আহ্বান জানানো হয়েছে। বৈশ্বিক পরিস্থিতি ও অভ্যন্তরীণ অর্থনীতি বিবেচনায় সরকার নতুন পদক্ষেপ নিয়েছে। সংশ্লিষ্ট মন্ত্রণালয়ের কর্মকর্তারা জানিয়েছেন, বিষয়টি নিয়ে আলোচনা চলছে এবং শিগগিরই সিদ্ধান্ত জানানো হবে। স্থানীয় বাসিন্দারা বলছেন, দীর্ঘদিন ধরে তারা নানা সমস্যার মুখোমুখি হচ্ছেন। প্রশাসনের পক্ষ থেকে জানানো হয়েছে, পরিস্থিতি স্বাভাবিক রাখতে প্রয়োজনীয় ব্যবস্থা গ্রহণ করা হয়েছে। বিশেষজ্ঞরা মনে করেন, সমন্বিত উদ্যোগ ছাড়া এ সংকটের সমাধান সম্ভব নয়। এ বিষয়ে সংশ্লিষ্ট সবাইকে সতর্ক থাকার আহ্বান জানানো হয়েছে। বৈশ্বিক পরিস্থিতি ও অভ্যন্তরীণ অর্থনীতি বিবেচনায় সরকার নতুন পদক্ষেপ নিয়েছে। সংশ্লিষ্ট মন্ত্রণালয়ের কর্মকর্তারা জানিয়েছেন, বিষয়টি নিয়ে আলোচনা চলছে এবং শিগগিরই সিদ্ধান্ত জানানো হবে। স্থানীয় বাসিন্দারা বলছেন, দীর্ঘদিন ধরে তারা নানা সমস্যার মুখোমুখি হচ্ছেন। প্রশাসনের পক্ষ থেকে জানানো হয়েছে, পরিস্থিতি স্বাভাবিক রাখতে প্রয়োজনীয় ব্যবস্থা গ্রহণ করা হয়েছে। বিশেষজ্ঞরা মনে করেন, সমন্বিত উদ্যোগ ছাড়া এ সংকটের সমাধান সম্ভব নয়। এ বিষয়ে সংশ্লিষ্ট সবাইকে সতর্ক থাকার আহ্বান জানানো হয়েছে। বৈশ্বিক পরিস্থিতি ও অভ্যন্তরীণ অর্থনীতি বিবেচনায় সরকার নতুন পদক্ষ

চাকরি অধ্যাদেশ
শেষ পাতার পর

বৈশ্বিক পরিস্থিতি ও অভ্যন্তরীণ অর্থনীতি বিবেচনায় সরকার নতুন পদক্ষেপ নিয়েছে। সংশ্লিষ্ট মন্ত্রণালয়ের কর্মকর্তারা জানিয়েছেন, বিষয়টি নিয়ে আলোচনা চলছে এবং শিগগিরই সিদ্ধান্ত জানানো হবে। স্থানীয় বাসিন্দারা বলছেন, দীর্ঘদিন ধরে তারা নানা সমস্যার মুখোমুখি হচ্ছেন। প্রশাসনের পক্ষ থেকে জানানো হয়েছে, পরিস্থিতি স্বাভাবিক রাখতে প্রয়োজনীয় ব্যবস্থা গ্রহণ করা হয়েছে। বিশেষজ্ঞরা মনে করেন, সমন্বিত উদ্যোগ ছাড়া এ সংকটের সমাধান সম্ভব নয়। এ বিষয়ে সংশ্লিষ্ট সবাইকে সতর্ক থাকার আহ্বান জানানো হয়েছে। বৈশ্বিক পরিস্থিতি ও অভ্যন্তরীণ অর্থনীতি বিবেচনায় সরকার নতুন পদক্ষেপ নিয়েছে। সংশ্লিষ্ট মন্ত্রণালয়ের কর্মকর্তারা জানিয়েছেন, বিষয়টি নিয়ে আলোচনা চলছে এবং শিগগিরই সিদ্ধান্ত জানানো হবে। স্থানীয় বাসিন্দারা বলছেন, দীর্ঘদিন ধরে তারা নানা সমস্যার মুখোমুখি হচ্ছেন। প্রশাসনের পক্ষ থেকে জানানো হয়েছে, পরিস্থিতি স্বাভাবিক রাখতে প্রয

জন্মনিবন্ধন
শেষ পাতার পর

বৈশ্বিক পরিস্থিতি ও অভ্যন্তরীণ অর্থনীতি বিবেচনায় সরকার নতুন পদক্ষেপ নিয়েছে। সংশ্লিষ্ট মন্ত্রণালয়ের কর্মকর্তারা জানিয়েছেন, বিষয়টি নিয়ে আলোচনা চলছে এবং শিগগিরই সিদ্ধান্ত জানানো হবে। স্থানীয় বাসিন্দারা বলছেন, দীর্ঘদিন ধরে তারা নানা সমস্যার মুখোমুখি হচ্ছেন। প্রশাসনের পক্ষ থেকে জানানো হয়েছে, পরিস্থিতি স্বাভাবিক রাখতে প্রয়োজনীয় ব্যবস্থা গ্রহণ করা হয়েছে। বিশেষজ্ঞরা মনে করেন, সমন্বিত উদ্যোগ ছাড়া এ সংকটের সমাধান সম্ভব নয়। এ বিষয়ে সংশ্লিষ্ট সবাইকে সতর্ক থাকার আহ্বান জানানো হয়েছে। বৈশ্বিক পরিস্থিতি ও অভ্যন্তরীণ অর্থনীতি বিবেচনায় সরকার নতুন পদক্ষেপ নিয়েছে। সংশ্লিষ্ট মন্ত্রণালয়ের কর্মকর্তারা জানিয়েছেন, বিষয়টি নিয়ে আলোচনা চলছে এবং শিগগিরই সিদ্ধান্ত জানানো হবে। স্থানীয় বাসিন্দারা বলছেন, দীর্ঘদিন ধরে তারা নানা সমস্যার মুখোমুখি হচ্ছেন। প্রশাসনের পক্ষ থেকে জানানো হয়েছে, পরিস্থিতি স্বাভাবিক রাখতে প্রয়োজনীয় ব্যবস্থা গ্রহণ করা হয়েছে। বিশেষজ্ঞরা মনে করেন, সমন্বিত উদ্যোগ ছাড়া এ সংকটের সমাধান সম্ভব নয়। এ বিষয়ে সংশ্লিষ্ট সবাইকে সতর্ক থাকার আহ্বান জানানো হয়েছে। বৈশ্বিক পরিস্থিতি ও অভ্যন্তরীণ অর্থনীতি বিবেচনায় সরকার নতুন পদক্ষেপ নিয়েছে। সংশ্লিষ্ট মন্ত্রণালয়ের কর্মকর্তারা জানিয়েছেন, বিষয়টি নিয়ে আলোচনা চলছে এবং শিগগিরই সিদ্ধান্ত জানানো হবে। স্থানীয় বাসিন্দারা বলছেন, দীর্ঘদিন ধরে তারা নানা সমস্যার মুখোমুখি হচ্ছেন। প্রশাসনের পক্ষ থেকে জানানো হয়েছে, পরিস্থিতি স্বাভাবিক রাখতে প্রয়োজনীয় ব্যবস্থা গ্রহণ করা হয়েছে। বিশেষজ্ঞরা মনে করেন, সমন্বিত উদ্যোগ ছাড়া এ সংকটের সমাধান সম্ভব নয়। এ বিষয়ে সংশ্লিষ্ট সবাইকে সতর্ক থাকার আহ্বান জানানো হয়েছে। বৈশ্বিক পরিস্থিতি ও অভ্যন্তরীণ অর্থনীতি বিবেচনায় সরকার নতুন পদক্ষেপ নিয়েছে। সংশ্লিষ্ট মন্ত্রণালয়ের কর্মকর্তারা জানিয়েছেন, বিষয়টি নিয়ে আলোচনা চলছে এবং শিগগিরই সিদ্ধান্ত জানানো হবে। স্থানীয় বাসিন্দারা বলছেন, দীর্ঘদিন ধরে তারা নানা সমস্যার মুখোমুখি হচ্ছেন। প্রশাসনের পক্ষ থেকে জানানো হয়েছে, পরিস্থিতি স্বাভাবিক রাখতে প্রয়োজনীয় ব্যবস্থা গ্রহণ করা হয়েছে। বিশেষজ্ঞরা মনে করেন, সমন্বিত উদ্যোগ ছাড়া এ সংকটের সমাধান সম্ভব নয়। এ বিষয়ে সংশ্লিষ্ট সবাইকে সতর্ক থাকার আহ্বান জানানো হয়েছে। বৈশ্বিক পরিস্থিতি ও অভ্যন্তরীণ অর্থনীতি বিবেচনায় সরকার নতুন পদক্ষেপ নিয়েছে। সংশ্লিষ্ট মন্ত্রণালয়ের কর্মকর্তারা জানিয়েছেন, বিষয়টি নিয়ে আলোচনা চলছে এবং শিগগিরই সিদ্ধান্ত জানানো হবে। স্থানীয় বাসিন্দারা বলছেন, দীর্ঘদিন ধরে তারা নানা সমস্যার মুখো

সাকিবের বিরুদ্ধে
শেষ পাতার পর

বৈশ্বিক পরিস্থিতি ও অভ্যন্তরীণ অর্থনীতি বিবেচনায় সরকার নতুন পদক্ষেপ নিয়েছে। সংশ্লিষ্ট মন্ত্রণালয়ের কর্মকর্তারা জানিয়েছেন, বিষয়টি নিয়ে আলোচনা চলছে এবং শিগগিরই সিদ্ধান্ত জানানো হবে। স্থানীয় বাসিন্দারা বলছেন, দীর্ঘদিন ধরে তারা নানা সমস্যার মুখোমুখি হচ্ছেন। প্রশাসনের পক্ষ থেকে জানানো হয়েছে, পরিস্থিতি স্বাভাবিক রাখতে প্রয়োজনীয় ব্যবস্থা গ্রহণ করা হয়েছে। বিশেষজ্ঞরা মনে করেন, সমন্বিত উদ্যোগ ছাড়া এ সংকটের সমাধান সম্ভব নয়। এ বিষয়ে সংশ্লিষ্ট সবাইকে সতর্ক থাকার আহ্বান জানান

পথে বেড়ে
শেষ পাতার পর

বৈশ্বিক পরিস্থিতি ও অভ্যন্তরীণ অর্থনীতি বিবেচনায় সরকার নতুন পদক্ষেপ নিয়েছে। সংশ্লিষ্ট মন্ত্রণালয়ের কর্মকর্তারা জানিয়েছেন, বিষয়টি নিয়ে আলোচনা চলছে এবং শিগগিরই সিদ্ধান্ত জানানো হবে। স্থানীয় বাসিন্দারা বলছেন, দীর্ঘদিন ধরে তারা নানা সমস্যার মুখোমুখি হচ্ছেন। প্রশাসনের পক্ষ থেকে জানানো হয়েছে, পরিস্থিতি স্বাভাবিক রাখতে প্রয়োজনীয় ব্যবস্থা গ্রহণ করা হয়েছে। বিশেষজ্ঞরা মনে করেন, সমন্বিত উদ্যোগ ছাড়া এ সংকটের সমাধান সম্ভব নয়। এ বিষয়ে সংশ্লিষ্ট সবাইকে সতর্ক থাকার আহ্বান জানানো হয়েছে। বৈশ্বিক পরিস্থিতি ও অভ্যন্তরীণ অর্থনীতি বিবেচনায় সরকার নতুন পদক্ষেপ নিয়েছে। সংশ্লিষ্ট মন্ত্রণালয়ের কর্মকর্তারা জানিয়েছেন, বিষয়টি নিয়ে আলোচনা চলছে এবং শিগগিরই সিদ্ধান্ত জানানো হবে। স্থানীয় বাসিন্দারা বলছেন, দীর্ঘদিন ধরে তারা নানা সমস্যার মুখোমুখি হচ্ছেন। প্রশাসনের পক্ষ থেকে জানানো হয়েছে, পরিস্থিতি স্বাভাবিক রাখতে প্রয়োজনীয় ব্যবস্থা গ্রহণ করা হয়েছে। বিশেষজ্ঞরা মনে করেন, সমন্বিত উদ্যোগ ছাড়া এ সংকটের সমাধান সম্ভব নয়। এ বিষয়ে সংশ্লিষ্ট সবাইকে সতর্ক থাকার আহ্বান জানানো হয়েছে। বৈশ্বিক পরিস্থিতি ও অভ্যন্তরীণ অর্থনীতি বিবেচনায় সরকার নতুন পদক্ষেপ নিয়েছে। সংশ্লিষ্ট মন্ত্রণালয়ের কর্মকর্তারা জানিয়েছেন, বিষয়টি নিয়ে আলোচনা চলছে এবং শিগগিরই সিদ্ধান্ত জানানো হবে। স্থানীয় বাসিন্দারা বলছেন, দীর্ঘদিন ধরে তারা নানা সমস্যার মুখোমুখি হচ্ছেন। প্রশাসনের পক্ষ থেকে জানানো হয়েছে, পরিস্থিতি স্বাভাবিক রাখতে প্রয়োজনীয় ব্যবস্থা গ্রহণ করা হয়েছে। বিশেষজ্ঞরা মনে করেন, সমন্বিত উদ্যোগ ছাড়া এ সংকটের সমাধান সম্ভব নয়। এ বিষয়ে সংশ্লিষ্ট সবাইকে সতর্ক থাকার আহ্বান জানানো হয়েছে। বৈশ্বিক পরিস্থিতি ও অভ্যন্তরীণ অর্থনীতি বিবেচনায় সরকার নতুন পদক্ষেপ নিয়েছে। সংশ্লিষ্ট মন্ত্রণালয়ের কর্মকর্তারা জানিয়েছেন, বিষয়টি নিয়ে আলোচনা চলছে এবং শিগগিরই সিদ্ধান্ত জানানো হবে। স্থানীয় বাসিন্দারা বলছেন, দীর্ঘদিন ধরে তারা নানা সমস্যার মুখোমুখি হচ্ছেন। প্রশাসনের পক্ষ থেকে জানানো হয়েছে, পরিস্থিতি স্বাভাবিক রাখতে প্রয়োজনীয় ব্যবস্থা গ্রহণ করা হয়েছে। বিশেষজ্ঞরা মনে করেন, সমন্বিত উদ্যোগ ছাড়া এ সংকটের সমাধান সম্ভব নয়। এ বিষয়ে সংশ্লিষ্ট সবাইকে সতর্ক থাকার আহ্বান জানানো হয়েছে। বৈশ্বিক পরিস্থিতি ও অভ্যন্তরীণ অর্থনীতি বিবেচনায় সরকার নতুন পদক্ষেপ নিয়েছে। সংশ্লিষ্ট মন্ত্রণালয়ের কর্মকর্তারা জানিয়েছেন, বিষয়টি নিয়ে আলোচনা চলছে এবং শিগগিরই সিদ্ধান্ত জানানো হবে। স্থানীয় বাসিন্দারা বলছেন, দীর্ঘদিন ধরে তারা নানা সমস্যার মুখোমুখি হচ্ছেন। প্রশাসনের পক্ষ থেকে জানানো হয়েছে, পরিস্থিতি স্বাভাবিক রাখতে প্রয়োজনীয় ব্যবস্থা গ্রহণ করা হয়েছে। বিশেষজ্ঞরা মনে করেন, সমন্বিত উদ্যোগ ছাড়া এ সংকটের সমাধান সম্ভব নয়। এ বিষয়ে সংশ্লিষ্ট সবাইকে সতর্ক থাকার আহ্বান জানানো হয়েছে। বৈশ্বিক পরিস্থিতি ও অভ্যন্তরীণ অর্থনীতি বিবেচনায় সরকার নতুন পদক্ষেপ নিয়েছে। সংশ্লিষ্ট মন্ত্রণালয়ের কর্মকর্তারা জানিয়েছেন, বিষয়টি নিয়ে আলোচনা চলছে এবং শিগগিরই সিদ্ধান্ত জানানো হবে। স্থানীয় বাসিন্দারা বলছেন, দীর্ঘদিন ধরে তারা নানা সমস্যার মুখোমুখি হচ্ছেন। প্রশাসনের পক্ষ থেকে জানানো হয়েছে, পরিস্থিতি স্বাভাবিক রাখতে প্রয়োজনীয় ব্যবস্থা গ্রহণ করা হয়েছে। বিশেষজ্ঞরা মনে করেন, সমন্বিত উদ্যোগ ছাড়া এ সংকটের সমাধান সম্ভব নয়। এ বিষয়ে সংশ্লিষ্ট সবাইকে সতর্ক থাকার আহ্বান জানানো হয়েছে। বৈশ্বিক পরিস্থিতি ও অভ্যন্তরীণ অর্থনীতি বিবেচনায় সরকার নতুন পদক্ষেপ নিয়েছে। সংশ্লিষ্ট মন্ত্রণালয়ের কর্মকর্তারা জানিয়েছেন, বিষয়টি নিয়ে আলোচনা চলছে এবং শিগগিরই সিদ্ধান্ত জানানো হবে। স্থানীয় বাসিন্দারা বলছেন, দীর্ঘদিন ধরে তারা নানা সমস্যার মুখোমুখি হচ্ছেন। প্রশাসনের পক্ষ থেকে জানানো হয়েছে, পরিস্থিতি স্বাভাবিক রাখতে প্রয়োজনীয় ব্যবস্থা গ্রহণ করা হয়েছে। বিশেষজ্ঞরা মনে করেন, সমন্বিত উদ্যোগ ছাড়া এ সংকটের সমাধান সম্ভব নয়। এ বিষয়ে সংশ্লিষ্ট সবাইকে সতর্ক থাকার আহ্বান জানানো হয়েছে। বৈশ্বিক পরিস্থিতি ও অভ্যন্তরীণ অর্থনীতি বিবেচনায় সরকার নতুন পদক্ষেপ নিয়েছে। সংশ্লিষ্ট মন্ত্রণালয়ের কর্মকর্তারা জানিয়েছেন, বিষয়টি নিয়ে আলোচনা চলছে এবং শিগগিরই সিদ্ধান্ত জানানো হবে। স্থানীয় বাসিন্দারা বলছেন, দীর্ঘদিন ধরে তারা নানা সমস্যার মুখোমুখি হচ্ছেন। প্রশাসনের পক্ষ থেকে জানানো হয়েছে, পরিস্থিতি স্বাভাবিক রাখতে প্রয়োজনীয় ব্যবস্থা গ্রহণ করা হয়েছে। বিশেষজ্ঞরা মনে করেন, সমন্বিত উদ্যোগ ছাড়া এ সংকটের সমাধান সম্ভব নয়। এ বিষয়ে সংশ্লিষ্ট সবাইকে সতর্ক থাকার আহ্বান জানানো হয়েছে। বৈশ্বিক পরিস্থিতি ও অভ্যন্তরীণ অর্থনীতি বিবেচনায় সরকার নতুন পদক্ষেপ নিয়েছে। সংশ্লিষ্ট মন্ত্রণালয়ের কর্মকর্তারা জানিয়েছেন, বিষয়টি নিয়ে আলোচনা চলছে এবং শিগগিরই সিদ্ধান্ত জানানো হবে। স্থানীয় বাসিন্দারা বলছেন, দীর্ঘদিন ধরে তারা নানা সমস্যার মুখোমুখি হচ্ছেন। প্রশাসনের পক্ষ থেকে জানানো হয়েছে, পরিস্থিতি স্বাভাবিক রাখতে প্রয়োজনীয় ব্যবস্থা গ্রহণ করা হয়েছে। বিশেষজ্ঞরা মনে করেন, সমন্বিত উদ্যোগ ছাড়া এ সংকটের সমাধান সম্ভব নয়। এ বিষয়ে সংশ্লিষ্ট সবাইকে সতর্ক থাকার আহ্বান জানানো হয়েছে। বৈশ্বিক পরিস্থিতি ও অভ্যন্তরীণ অর্থনীতি বিবেচনায় সরকার নতুন পদক্ষেপ নিয়েছে। সংশ্লিষ্ট মন্ত্রণালয়ের কর্মকর্তারা জানিয়েছেন, বিষয়টি নিয়ে আলোচনা চলছ

ইরানে ইসরায়েলি
শেষ পাতার পর

বৈশ্বিক পরিস্থিতি ও অভ্যন্তরীণ অর্থনীতি বিবেচনায় সরকার নতুন পদক্ষেপ নিয়েছে। সংশ্লিষ্ট মন্ত্রণালয়ের কর্মকর্তারা জানিয়েছেন, বিষয়টি নিয়ে আলোচনা চলছে এবং শিগগিরই সিদ্ধান্ত জানানো হবে। স্থানীয় বাসিন্দারা বলছেন, দীর্ঘদিন ধরে তারা নানা সমস্যার মুখোমুখি হচ্ছেন। প্রশাসনের পক্ষ থেকে জানানো হয়েছে, পরিস্থিতি স্বাভাবিক রাখতে প্রয়োজনীয় ব্যবস্থা গ্রহণ করা হয়েছে। বিশেষজ্ঞরা মনে করেন, সমন্বিত উদ্যোগ ছাড়া এ সংকটের সমাধান সম্ভব নয়। এ বিষয়ে সংশ্লিষ্ট সবাইকে সতর্ক থাকার আহ্বান জানানো হয়েছে। বৈশ্বিক পরিস্থিতি ও অভ্যন্তরীণ অর্থনীতি বিবেচনায় সরকার নতুন পদক্ষেপ নিয়েছে। সংশ্লিষ্ট মন্ত্রণালয়ের কর্মকর্তারা জানিয়েছেন, বিষয়টি নিয়ে আলোচনা চলছে এবং শিগগিরই সিদ্ধান্ত জানানো হবে। স্থানীয় বাসিন্দারা বলছেন, দীর্ঘদিন ধরে তারা নানা সমস্যার মুখোমুখি হচ্ছেন। প্রশাসনের পক্ষ থে

গাইবান্ধার
শেষ পাতার পর

বৈশ্বিক পরিস্থিতি ও অভ্যন্তরীণ অর্থনীতি বিবেচনায় সরকার নতুন পদক্ষেপ নিয়েছে। সংশ্লিষ্ট মন্ত্রণালয়ের কর্মকর্তারা জানিয়েছেন, বিষয়টি নিয়ে আলোচনা চলছে এবং শিগগিরই সিদ্ধান্ত জানানো হবে। স্থানীয় বাসিন্দারা বলছেন, দীর্ঘদিন ধরে তারা নানা সমস্যার মুখোমুখি হচ্ছেন। প্রশাসনের পক্ষ থেকে জানানো হয়েছে, পরিস্থিতি স্বাভাবিক রাখতে প্রয়োজনীয় ব্যবস্থা গ্রহণ করা হয়েছে। বিশেষজ্ঞরা মনে করেন, সমন্বিত উদ্যোগ ছাড়া এ সংকটের সমাধান সম্ভব নয়। এ বিষয়ে সংশ্লিষ্ট সবাইকে সতর্ক থাকার আহ্বান জানানো হয়েছে। বৈশ্বিক পরিস্থিতি ও অভ্যন্তরীণ অর্থনীতি বিবেচনায় সরকার নতুন পদক্ষেপ নিয়েছে। সংশ্লিষ্ট মন্ত্রণালয়ের কর্মকর্তারা জানিয়েছেন, বিষয়টি নিয়ে আলোচনা চলছে এবং শিগগিরই সিদ্ধান্ত জানানো হবে। স্থানীয় বাসিন্দারা বলছেন, দীর্ঘদিন ধরে তারা নানা সমস্যার মুখোমুখি হচ্ছেন। প্রশাসনের পক্ষ থেকে জানানো হয়েছে, পরিস্থিতি স্বাভাবিক রাখতে প্রয়োজনীয় ব্যবস্থা গ্রহণ করা হয়েছে। বিশেষজ্ঞরা মনে করেন, সমন্বিত উদ্যোগ ছাড়া এ সংকটের সমাধান সম্ভব নয়। এ বিষয়ে সংশ্লিষ্ট সবাইকে সতর্ক থাকার আহ্বান জানানো হয়েছে। বৈশ্বিক পরিস্থিতি ও অভ্যন্তরীণ অর্থনীতি বিবেচনায় সরকার নতুন পদক্ষেপ নিয়েছে। সংশ্লিষ্ট মন্ত্রণালয়ের কর্মকর্তারা জানিয়েছেন, বিষয়টি নিয়ে আলোচনা চলছে এবং শিগগিরই সিদ্ধান্ত জানানো হবে। স্থানীয় বাসিন্দারা বলছেন, দীর্ঘদিন ধরে তারা নানা সমস্যার মুখোমুখি হচ্ছেন। প্রশাসনের পক্ষ থেকে জানানো হয়েছে, পরিস্থিতি স্বাভাবিক রাখতে প্রয়োজনীয় ব্যবস্থা গ্রহণ করা হয়েছে। বিশেষজ্ঞরা মনে করেন, সমন্বিত উদ্যোগ ছাড়া এ সংকটের সমাধান সম্ভব নয়। এ বিষয়ে সংশ্লিষ্ট সবাইকে সতর্ক থাকার আহ্বান জানানো হয়েছে। বৈশ্বিক পরিস্থিতি ও অভ্যন্তরীণ অর্থনীতি বিবেচনায় সরকার নতুন পদক্ষেপ নিয়েছে। সংশ্লিষ্ট মন্ত্রণালয়ের কর্মকর্তারা জানিয়েছেন, বিষয়টি নিয়ে আলোচনা চলছে এবং শিগগিরই সিদ্ধান্ত জানানো হবে। স্থানীয় বাসিন্দারা বলছেন, দীর্ঘদিন ধরে তারা নানা সমস্যার মুখোমুখি হচ্ছেন। প্রশাসনের পক্ষ থেকে জানানো হয়েছে, পরিস্থিতি স্বাভাবিক রাখতে প্রয়োজনীয় ব্যবস্থা গ্রহণ করা হয়েছে। বিশেষজ্ঞরা মনে করেন, সমন্বিত উদ্যোগ ছাড়া এ সংকটের সমাধান সম্ভব নয়। এ বিষয়ে সংশ্লিষ্ট স

ই-পাসপোর্ট, ১৩১০
শেষ পাতার পর

বৈশ্বিক পরিস্থিতি ও অভ্যন্তরীণ অর্থনীতি বিবেচনায় সরকার নতুন পদক্ষেপ নিয়েছে। সংশ্লিষ্ট মন্ত্রণালয়ের কর্মকর্তারা জানিয়েছেন, বিষয়টি নিয়ে আলোচনা চলছে এবং শিগগিরই সিদ্ধান্ত জানানো হবে। স্থানীয় বাসিন্দারা বলছেন, দীর্ঘদিন ধরে তারা নানা সমস্যার মুখোমুখি হচ্ছেন। প্রশাসনের পক্ষ থেকে জানানো হয়েছে, পরিস্থিতি স্বাভাবিক রাখতে প্রয়োজনীয় ব্যবস্থা গ্রহণ করা হয়েছে। বিশেষজ্ঞরা মনে করেন, সমন্বিত উদ্যোগ ছাড়া এ সংকটের সমাধান সম্ভব নয়। এ বিষয়ে সংশ্লিষ্ট সবাইকে সতর্ক থাকার আহ্বান জানানো হয়েছে। বৈশ্বিক পরিস্থিতি ও অভ্যন্তরীণ অর্থনীতি বিবেচনায় সরকার নতুন পদক্ষেপ নিয়েছে। সংশ্লিষ্

শেখ হাসিনাসহ ১২
শেষ পাতার পর

বৈশ্বিক পরিস্থিতি ও অভ্যন্তরীণ অর্থনীতি বিবেচনায় সরকার নতুন পদক্ষেপ নিয়েছে। সংশ্লিষ্ট মন্ত্রণালয়ের কর্মকর্তারা জানিয়েছেন, বিষয়টি নিয়ে আলোচনা চলছে এবং শিগগিরই সিদ্ধান্ত জানানো হবে। স্থানীয় বাসিন্দারা বলছেন, দীর্ঘদিন ধরে তারা নানা সমস্যার মুখোমুখি হচ্ছেন। প্রশাসনের পক্ষ থেকে জানানো হয়েছে, পরিস্থিতি স্বাভাবিক রাখতে প্রয়োজনীয় ব্যবস্থা গ্রহণ করা হয়েছে। বিশেষজ্ঞরা মনে করেন, সমন্বিত উদ্যোগ ছাড়া এ সংকটের সমাধান সম্ভব নয়। এ বিষয়ে সংশ্লিষ্ট সবাইকে সতর্ক থাকার আহ্বান জানানো হয়েছে। বৈশ্বিক পরিস্থিতি ও অভ্যন্তরীণ অর্থনীতি বিবেচনায় সরকার নতুন পদক্ষেপ নিয়েছে। সংশ্লিষ্ট মন্ত্রণালয়ের কর্মকর্তারা জানিয়েছেন, বিষয়টি নিয়ে আলোচনা চলছে এবং শিগগিরই সিদ্ধান্ত জানানো হবে। স্থানীয় বাসিন্দারা বলছেন, দীর্ঘদিন ধরে তারা নানা সমস্যার মুখোমুখি হচ্ছেন। প্রশাসনের পক্ষ থেকে জানানো হয়েছে, পরিস্থিতি স্বাভাবিক রাখতে প্রয়োজনীয় ব্যবস্থা গ্রহণ করা হয়েছে। বিশেষজ্ঞরা মনে করেন, সমন্বিত উদ্যোগ ছাড়া এ সংকটের সমাধান সম্ভব নয়। এ বিষয়ে সংশ্লিষ্ট সবাইকে সতর্ক থাকার আহ্বান জানানো হয়েছে। বৈশ্বিক পরিস্থিতি ও অভ্যন্তরীণ অর্থনীতি বিবেচনায় সরকার নতুন পদক্ষেপ নিয়েছে। সংশ্লিষ্ট মন্ত্রণালয়ের কর্মকর্তারা জানিয়েছেন, বিষয়টি নিয়ে আলোচনা চলছে এবং শিগগিরই সিদ্ধান্ত জানানো হবে। স্থানীয় বাসিন্দারা বলছেন, দীর্ঘদিন ধরে তারা নানা সমস্যার মুখোমুখি হচ্ছেন। প্রশাসনের পক্ষ থেকে জানানো হয়েছে, পরিস্থিতি স্বাভাবিক

মোসাদের
শেষ পাতার পর

বৈশ্বিক পরিস্থিতি ও অভ্যন্তরীণ অর্থনীতি বিবেচনায় সরকার নতুন পদক্ষেপ নিয়েছে। সংশ্লিষ্ট মন্ত্রণালয়ের কর্মকর্তারা জানিয়েছেন, বিষয়টি নিয়ে আলোচনা চলছে এবং শিগগিরই সিদ্ধান্ত জানানো হবে। স্থানীয় বাসিন্দারা বলছেন, দীর্ঘদিন ধরে তারা নানা সমস্যার মুখোমুখি হচ্ছেন। প্রশাসনের পক্ষ থেকে জানানো হয়েছে, পরিস্থিতি স্বাভাবিক রাখতে প্রয়োজনীয় ব্যবস্থা গ্রহণ করা হয়েছে। বিশেষজ্ঞরা মনে করেন, সমন্বিত উদ্যোগ ছাড়া এ সংকটের সমাধান সম্ভব নয়। এ বিষয়ে সংশ্লিষ্ট সবাইকে সতর্ক থাকার আহ্বান জানানো হয়েছে। বৈশ্বিক পরিস্থিতি ও অভ্যন্তরীণ অর্থনীতি বিবেচনায় সরকার নতুন পদক্ষেপ নিয়েছে। সংশ্লিষ্ট মন্ত্রণালয়ের কর্মকর্তারা জানিয়েছেন, বিষয়টি নিয়ে আলোচনা চলছে এবং শিগগিরই সিদ্ধান্ত জানানো হবে। স্থানীয় বাসিন্দারা বলছেন, দীর্ঘদিন ধরে তারা নানা সমস্যার মুখোমুখি হচ্ছেন। প্রশাসনের পক্ষ থেকে জানানো হয়েছে, পরিস্থিতি স্বাভাবিক রাখতে প্রয়োজনীয় ব্যবস্থা গ্রহণ করা হয়েছে। বিশেষজ্ঞরা মনে করেন, সমন্বিত উদ্যোগ ছাড়া এ সংকটের সমাধান সম্ভব নয়। এ বিষয়ে সংশ্লিষ্ট সবাইকে সতর্ক থাকার আহ্বান জানানো হয়েছে। বৈশ্বিক পরিস্থিতি ও অভ্যন্তরীণ অর্থনীতি বিবেচনায় সরকার নতুন পদক্ষেপ নিয়েছে। সংশ্লিষ্ট মন্ত্রণালয়ের কর্মকর্তারা জানিয়েছেন, বিষয়টি নিয়ে আলোচনা চলছে এবং শিগগিরই সিদ্ধান্ত জানানো হবে। স্থানীয় বাসিন্দারা বলছেন, দীর্ঘদি

ম্যাক্রনের ধারণাকে
শেষ পাতার পর

বৈশ্বিক পরিস্থিতি ও অভ্যন্তরীণ অর্থনীতি বিবেচনায় সরকার নতুন পদক্ষেপ নিয়েছে। সংশ্লিষ্ট মন্ত্রণালয়ের কর্মকর্তারা জানিয়েছেন, বিষয়টি নিয়ে আলোচনা চলছে এবং শিগগিরই সিদ্ধান্ত জানানো হবে। স্থানীয় বাসিন্দারা বলছেন, দীর্ঘদিন ধরে তারা নানা সমস্যার মুখোমুখি হচ্ছেন। প্রশাসনের পক্ষ থেকে জানানো হয়েছে, পরিস্থিতি স্বাভাবিক রাখতে প্রয়োজনীয় ব্যবস্থা গ্রহণ করা হয়েছে। বিশেষজ্ঞরা মনে করেন, সমন্বিত উদ্যোগ ছাড়া এ সংকটের সমাধান সম্ভব নয়। এ বিষয়ে সংশ্লিষ্ট সবাইকে সতর্ক থাকার আহ্বান জানানো হয়েছে। বৈশ্বিক পরিস্থিতি ও অভ্যন্তরীণ অর্থনীতি বিবেচনায় সরকার নতুন পদক্ষেপ নিয়েছে। সংশ্লিষ্ট মন্ত্রণালয়ের কর্মকর্তারা জানিয়েছেন, বিষয়টি নিয়ে আলোচনা চলছে এবং শিগগিরই সিদ্ধান্ত জানানো হবে। স্থানীয় বাসিন্দারা বলছেন, দীর্ঘদিন ধরে তারা নানা সমস্যার মুখোমুখি হচ্ছেন। প্রশাসনের পক্ষ থে

ইসরায়েলের
শেষ পাতার পর

বৈশ্বিক পরিস্থিতি ও অভ্যন্তরীণ অর্থনীতি বিবেচনায় সরকার নতুন পদক্ষেপ নিয়েছে। সংশ্লিষ্ট মন্ত্রণালয়ের কর্মকর্তারা জানিয়েছেন, বিষয়টি নিয়ে আলোচনা চলছে এবং শিগগিরই সিদ্ধান্ত জানানো হবে। স্থানীয় বাসিন্দারা বলছেন, দীর্ঘদিন ধরে তারা নানা সমস্যার মুখোমুখি হচ্ছেন। প্রশাসনের পক্ষ থেকে জানানো হয়েছে, পরিস্থিতি স্বাভাবিক রাখতে প্রয়োজনীয় ব্যবস্থা গ্রহণ করা হয়েছে। বিশেষজ্ঞরা মনে করেন, সমন্বিত উদ্যোগ ছাড়া এ সংকটের সমাধান সম্ভব নয়। এ বিষয়ে সংশ্লিষ্ট সবাইকে সতর্ক থাকার আহ্বান জানানো হয়েছে। বৈশ্বিক পরিস্থিতি ও অভ্যন্তরীণ অর্থনীতি বিবেচনায় সরকার নতুন পদক্ষেপ নিয়েছে। সংশ্লিষ্ট মন্ত্রণালয়ের কর্মকর্তারা জানিয়েছেন, বিষয়টি নিয়ে আলোচনা চলছে এবং শিগগিরই সিদ্ধান্ত জানানো হবে। স্থানীয় বাসিন্দারা বলছেন, দীর্ঘদিন ধরে তারা নানা সমস্যার মুখোমুখি হচ্ছেন। প্রশাসনের পক্ষ থেকে জানানো হয়েছে, পরিস্থিতি স্বাভাবিক রাখতে প্রয়োজনীয় ব্যবস্থা গ্রহণ করা হয়েছে। বিশেষজ্ঞরা মনে করেন, সমন্বিত উদ্যোগ ছাড়া এ সংকটের সমাধান সম্ভব নয়। এ বিষয়ে সংশ্লিষ্ট সবাইকে সতর্ক থাকার আহ্বান জানানো হয়েছে। বৈশ্বিক পরিস্থিতি ও অভ্যন্তরীণ অর্থনীতি বিবেচনায় সরকার নতুন পদক্ষেপ নিয়েছে। সংশ্লিষ্ট মন্ত্রণালয়ের কর্মকর্তারা জানিয়েছেন, বিষয়টি নিয়ে আলোচনা চলছে এবং শিগগিরই সিদ্ধান্ত জানানো হবে। স্থানীয় বাসিন্দারা বলছেন, দীর্ঘদিন ধরে তারা নানা সমস্যার মুখোমুখি হচ্ছেন। প্রশাসনের পক্ষ থেকে জানানো হয়েছে, পরিস্থিতি স্বাভাবিক রাখতে প্রয়োজনীয় ব্যবস্থা গ্রহণ করা হয়েছে। বিশেষজ্ঞরা মনে করেন, সমন্বিত উদ্যোগ ছাড়া এ সংকটের সমাধান সম্ভব নয়। এ বিষয়ে সংশ্লিষ্ট সবাইকে সতর্ক থাকার আহ্বান জানানো হয়েছে। বৈশ্বিক পরিস্থিতি ও অভ্যন্তরীণ অর্থনীতি বিবেচনায় সরকার নতুন পদক্ষ

গাজায় প্রাণের
শেষ পাতার পর

বৈশ্বিক পরিস্থিতি ও অভ্যন্তরীণ অর্থনীতি বিবেচনায় সরকার নতুন পদক্ষেপ নিয়েছে। সংশ্লিষ্ট মন্ত্রণালয়ের কর্মকর্তারা জানিয়েছেন, বিষয়টি নিয়ে আলোচনা চলছে এবং শিগগিরই সিদ্ধান্ত জানানো হবে। স্থানীয় বাসিন্দারা বলছেন, দীর্ঘদিন ধরে তারা নানা সমস্যার মুখোমুখি হচ্ছেন। প্রশাসনের পক্ষ থেকে জানানো হয়েছে, পরিস্থিতি স্বাভাবিক রাখতে প্রয়োজনীয় ব্যবস্থা গ্রহণ করা হয়েছে। বিশেষজ্ঞরা মনে করেন, সমন্বিত উদ্যোগ ছাড়া এ সংকটের সমাধান সম্ভব নয়। এ বিষয়ে সংশ্লিষ্ট সবাইকে সতর্ক থাকার আহ্বান জানানো হয়েছে। বৈশ্বিক পরিস্থিতি ও অভ্যন্তরীণ অর্থনীতি বিবেচনায় সরকার নতুন পদক্ষেপ নিয়েছে। সংশ্লিষ্ট মন্ত্রণালয়ের কর্মকর্তারা জানিয়েছেন, বিষয়টি নিয়ে আলোচনা চলছে এবং শিগগিরই সিদ্ধান্ত জানানো হবে। স্থানীয় বাসিন্দারা বলছেন, দীর্ঘদিন ধরে তারা নানা সমস্যার মুখোমুখি হচ্ছেন। প্রশাসনের পক্ষ থেকে জানানো হয়েছে, পরিস্থিতি স্বাভাবিক রাখতে প্রয়োজনীয় ব্যবস্থা গ্রহণ করা হয়েছে। বিশেষজ্ঞরা মনে করেন, সমন্বিত উদ্যোগ ছাড়া এ সংকটের সমাধান সম্ভব নয়। এ বিষয়ে সংশ্লিষ্ট সবাইকে সতর্ক থাকার আহ্বান জানানো হয়েছে। বৈশ্বিক পরিস্থিতি ও অভ্যন্তরীণ অর্থনীতি বিবেচনায় সরকার নতুন পদক্ষেপ নিয়েছে
